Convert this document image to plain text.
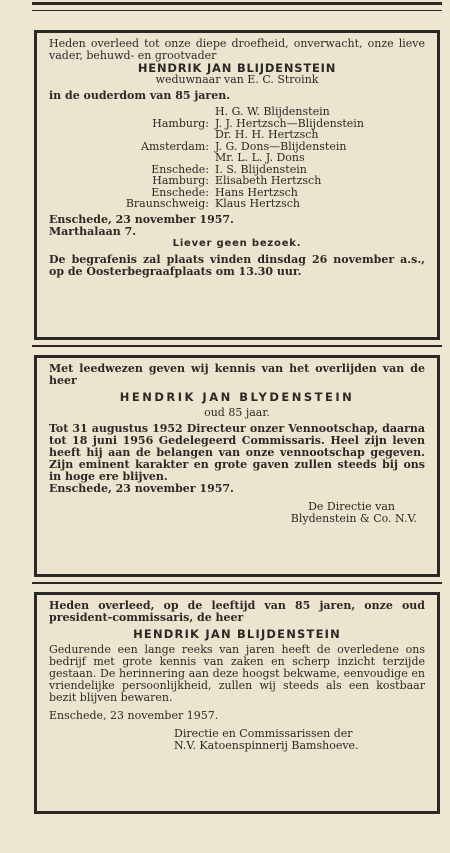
Heden overleed tot onze diepe droefheid, onverwacht, onze lieve vader, behuwd- en grootvader

HENDRIK JAN BLIJDENSTEIN

weduwnaar van E. C. Stroink

in de ouderdom van 85 jaren.

	H. G. W. Blijdenstein
Hamburg:	J. J. Hertzsch—Blijdenstein
	Dr. H. H. Hertzsch
Amsterdam:	J. G. Dons—Blijdenstein
	Mr. L. L. J. Dons
Enschede:	I. S. Blijdenstein
Hamburg:	Elisabeth Hertzsch
Enschede:	Hans Hertzsch
Braunschweig:	Klaus Hertzsch

Enschede, 23 november 1957.

Marthalaan 7.

Liever geen bezoek.

De begrafenis zal plaats vinden dinsdag 26 november a.s., op de Oosterbegraafplaats om 13.30 uur.

Met leedwezen geven wij kennis van het overlijden van de heer

HENDRIK JAN BLYDENSTEIN

oud 85 jaar.

Tot 31 augustus 1952 Directeur onzer Vennootschap, daarna tot 18 juni 1956 Gedelegeerd Commissaris. Heel zijn leven heeft hij aan de belangen van onze vennootschap gegeven. Zijn eminent karakter en grote gaven zullen steeds bij ons in hoge ere blijven.

Enschede, 23 november 1957.

De Directie van

Blydenstein & Co. N.V.

Heden overleed, op de leeftijd van 85 jaren, onze oud president-commissaris, de heer

HENDRIK JAN BLIJDENSTEIN

Gedurende een lange reeks van jaren heeft de overledene ons bedrijf met grote kennis van zaken en scherp inzicht terzijde gestaan. De herinnering aan deze hoogst bekwame, eenvoudige en vriendelijke persoonlijkheid, zullen wij steeds als een kostbaar bezit blijven bewaren.

Enschede, 23 november 1957.

Directie en Commissarissen der

N.V. Katoenspinnerij Bamshoeve.
